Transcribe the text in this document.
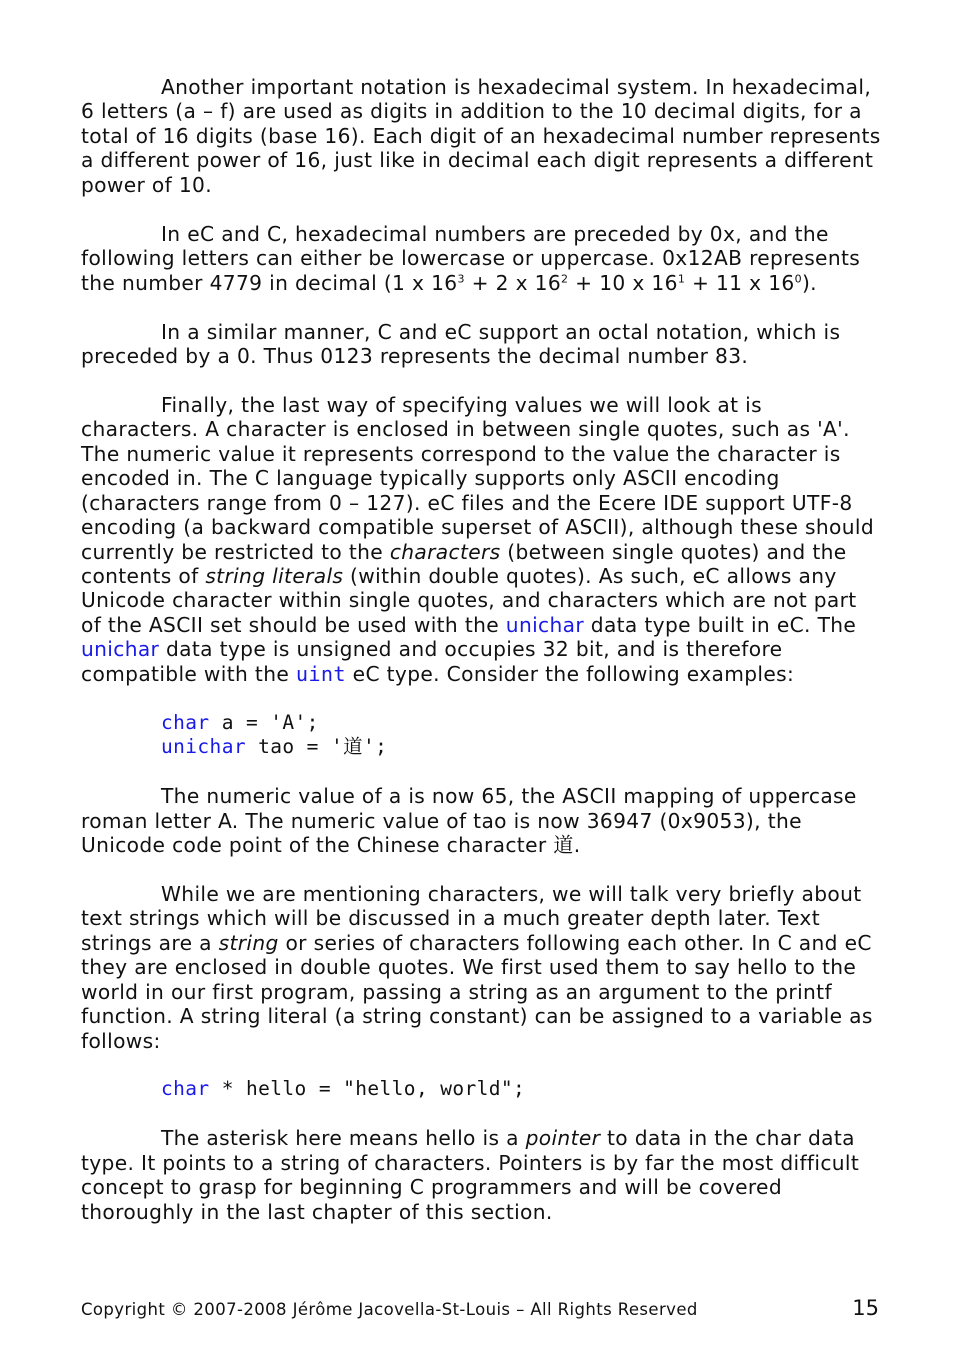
Another important notation is hexadecimal system. In hexadecimal, 6 letters (a – f) are used as digits in addition to the 10 decimal digits, for a total of 16 digits (base 16). Each digit of an hexadecimal number represents a different power of 16, just like in decimal each digit represents a different power of 10.

In eC and C, hexadecimal numbers are preceded by 0x, and the following letters can either be lowercase or uppercase. 0x12AB represents the number 4779 in decimal (1 x $16^3 + 2$ x $16^2 + 10$ x $16^1 + 11$ x $16^0$).

In a similar manner, C and eC support an octal notation, which is preceded by a 0. Thus 0123 represents the decimal number 83.

Finally, the last way of specifying values we will look at is characters. A character is enclosed in between single quotes, such as 'A'. The numeric value it represents correspond to the value the character is encoded in. The C language typically supports only ASCII encoding (characters range from 0 – 127). eC files and the Ecere IDE support UTF-8 encoding (a backward compatible superset of ASCII), although these should currently be restricted to the characters (between single quotes) and the contents of string literals (within double quotes). As such, eC allows any Unicode character within single quotes, and characters which are not part of the ASCII set should be used with the unichar data type built in eC. The unichar data type is unsigned and occupies 32 bit, and is therefore compatible with the uint eC type. Consider the following examples:

char a = 'A';
unichar tao = '道';

The numeric value of a is now 65, the ASCII mapping of uppercase roman letter A. The numeric value of tao is now 36947 (0x9053), the Unicode code point of the Chinese character 道.

While we are mentioning characters, we will talk very briefly about text strings which will be discussed in a much greater depth later. Text strings are a string or series of characters following each other. In C and eC they are enclosed in double quotes. We first used them to say hello to the world in our first program, passing a string as an argument to the printf function. A string literal (a string constant) can be assigned to a variable as follows:

char * hello = "hello, world";

The asterisk here means hello is a pointer to data in the char data type. It points to a string of characters. Pointers is by far the most difficult concept to grasp for beginning C programmers and will be covered thoroughly in the last chapter of this section.

Copyright © 2007-2008 Jérôme Jacovella-St-Louis – All Rights Reserved	15
